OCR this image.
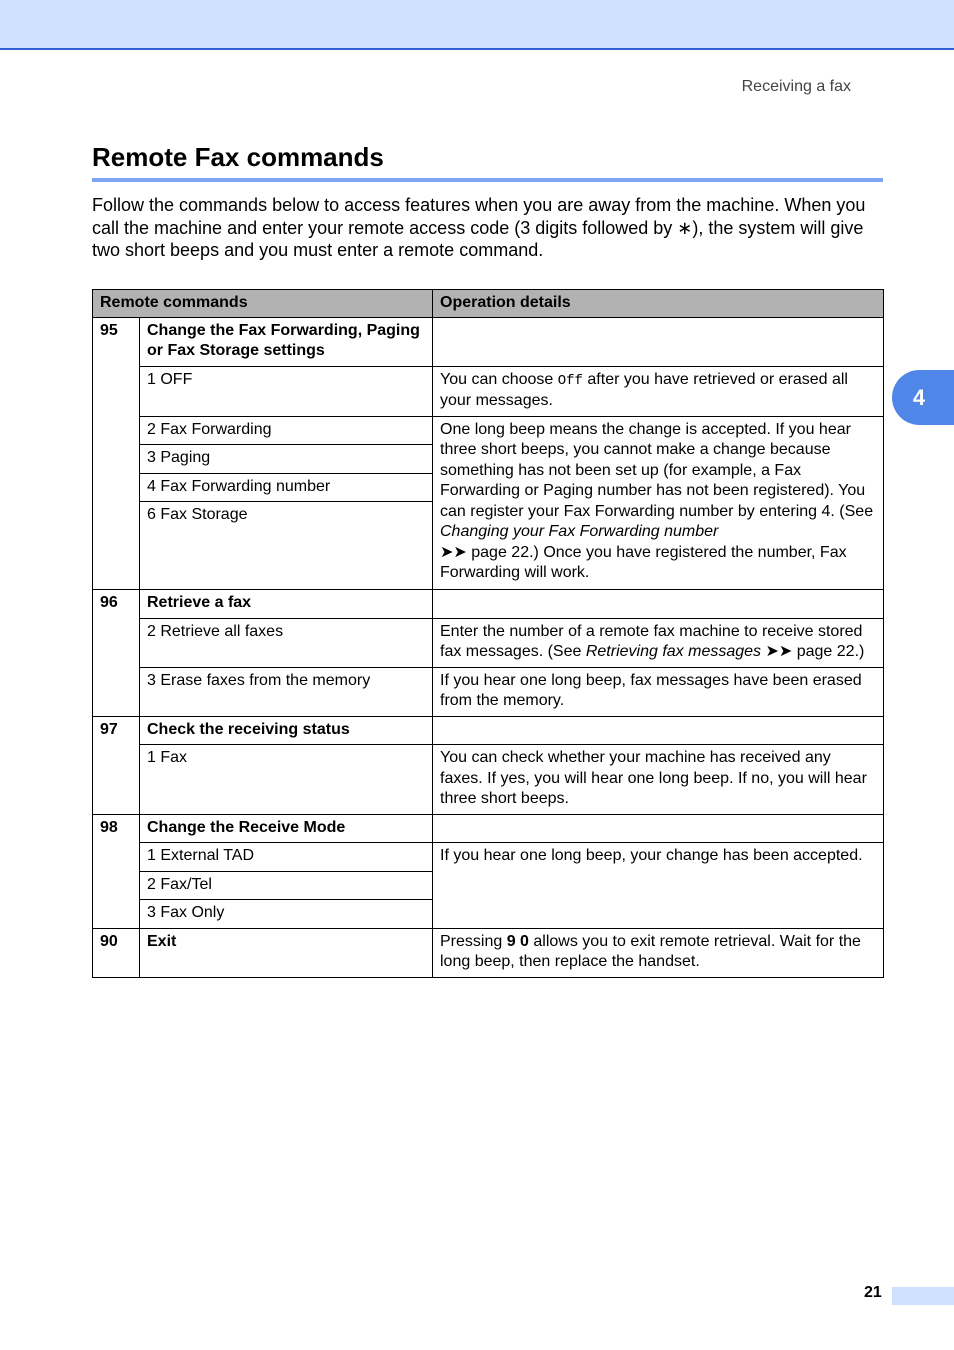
Receiving a fax
Remote Fax commands

Follow the commands below to access features when you are away from the machine. When you call the machine and enter your remote access code (3 digits followed by ∗), the system will give two short beeps and you must enter a remote command.

4
Remote commands		Operation details
95	Change the Fax Forwarding, Paging or Fax Storage settings	
	1 OFF	You can choose Off after you have retrieved or erased all your messages.
	2 Fax Forwarding	One long beep means the change is accepted. If you hear three short beeps, you cannot make a change because something has not been set up (for example, a Fax Forwarding or Paging number has not been registered). You can register your Fax Forwarding number by entering 4. (See Changing your Fax Forwarding number
➤➤ page 22.) Once you have registered the number, Fax Forwarding will work.
	3 Paging	
	4 Fax Forwarding number	
	6 Fax Storage	
96	Retrieve a fax	
	2 Retrieve all faxes	Enter the number of a remote fax machine to receive stored fax messages. (See Retrieving fax messages ➤➤ page 22.)
	3 Erase faxes from the memory	If you hear one long beep, fax messages have been erased from the memory.
97	Check the receiving status	
	1 Fax	You can check whether your machine has received any faxes. If yes, you will hear one long beep. If no, you will hear three short beeps.
98	Change the Receive Mode	
	1 External TAD	If you hear one long beep, your change has been accepted.
	2 Fax/Tel	
	3 Fax Only	
90	Exit	Pressing 9 0 allows you to exit remote retrieval. Wait for the long beep, then replace the handset.
21
